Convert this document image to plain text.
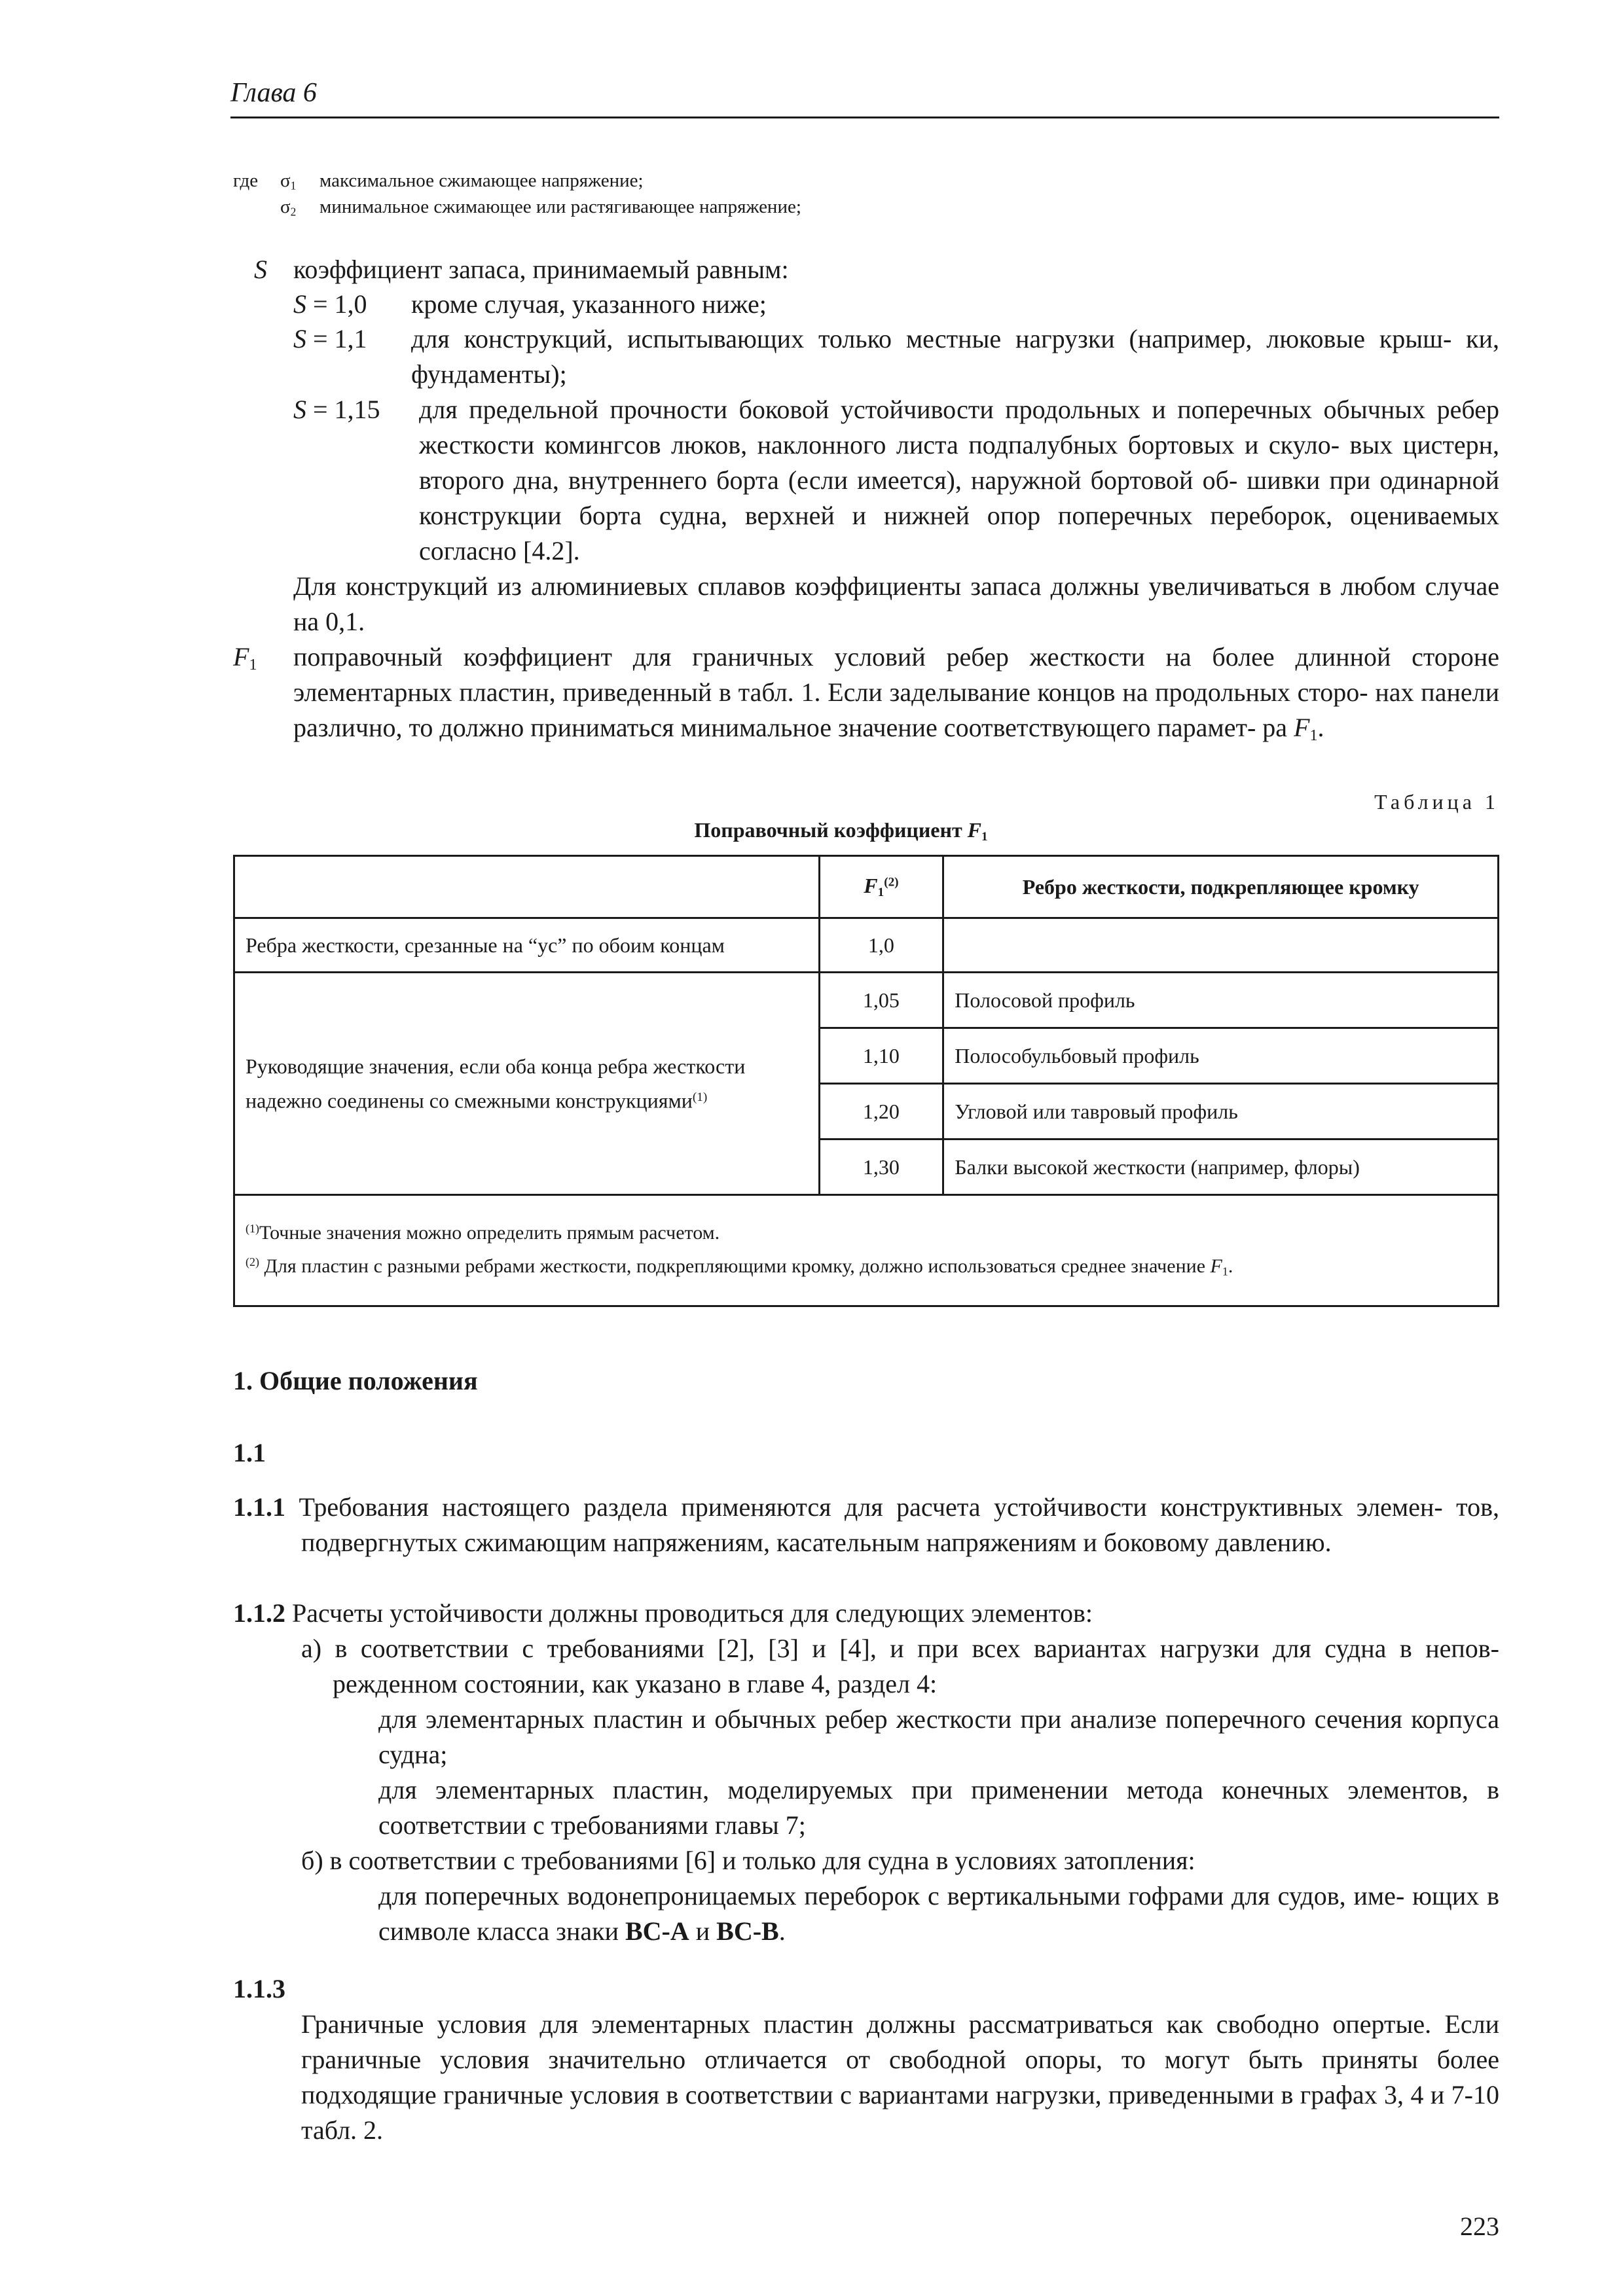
Глава 6
где $\sigma_1$ максимальное сжимающее напряжение;
$\sigma_2$ минимальное сжимающее или растягивающее напряжение;
S коэффициент запаса, принимаемый равным:
S = 1,0 кроме случая, указанного ниже;
S = 1,1 для конструкций, испытывающих только местные нагрузки (например, люковые крыш- ки, фундаменты);
S = 1,15 для предельной прочности боковой устойчивости продольных и поперечных обычных ребер жесткости комингсов люков, наклонного листа подпалубных бортовых и скуло- вых цистерн, второго дна, внутреннего борта (если имеется), наружной бортовой об- шивки при одинарной конструкции борта судна, верхней и нижней опор поперечных переборок, оцениваемых согласно [4.2].
Для конструкций из алюминиевых сплавов коэффициенты запаса должны увеличиваться в любом случае на 0,1.
$F_1$ поправочный коэффициент для граничных условий ребер жесткости на более длинной стороне элементарных пластин, приведенный в табл. 1. Если заделывание концов на продольных сторо- нах панели различно, то должно приниматься минимальное значение соответствующего парамет- ра $F_1$.
Таблица 1
Поправочный коэффициент $F_1$
	$F_1^{(2)}$	Ребро жесткости, подкрепляющее кромку
Ребра жесткости, срезанные на “ус” по обоим концам	1,0	
Руководящие значения, если оба конца ребра жесткости надежно соединены со смежными конструкциями$^{(1)}$	1,05	Полосовой профиль
	1,10	Полособульбовый профиль
	1,20	Угловой или тавровый профиль
	1,30	Балки высокой жесткости (например, флоры)

$^{(1)}$Точные значения можно определить прямым расчетом.
$^{(2)}$ Для пластин с разными ребрами жесткости, подкрепляющими кромку, должно использоваться среднее значение $F_1$.		
1. Общие положения
1.1
1.1.1 Требования настоящего раздела применяются для расчета устойчивости конструктивных элемен- тов, подвергнутых сжимающим напряжениям, касательным напряжениям и боковому давлению.
1.1.2 Расчеты устойчивости должны проводиться для следующих элементов:
а) в соответствии с требованиями [2], [3] и [4], и при всех вариантах нагрузки для судна в непов- режденном состоянии, как указано в главе 4, раздел 4:
для элементарных пластин и обычных ребер жесткости при анализе поперечного сечения корпуса судна;
для элементарных пластин, моделируемых при применении метода конечных элементов, в соответствии с требованиями главы 7;
б) в соответствии с требованиями [6] и только для судна в условиях затопления:
для поперечных водонепроницаемых переборок с вертикальными гофрами для судов, име- ющих в символе класса знаки BC-A и BC-B.
1.1.3
Граничные условия для элементарных пластин должны рассматриваться как свободно опертые. Если граничные условия значительно отличается от свободной опоры, то могут быть приняты более подходящие граничные условия в соответствии с вариантами нагрузки, приведенными в графах 3, 4 и 7-10 табл. 2.
223
